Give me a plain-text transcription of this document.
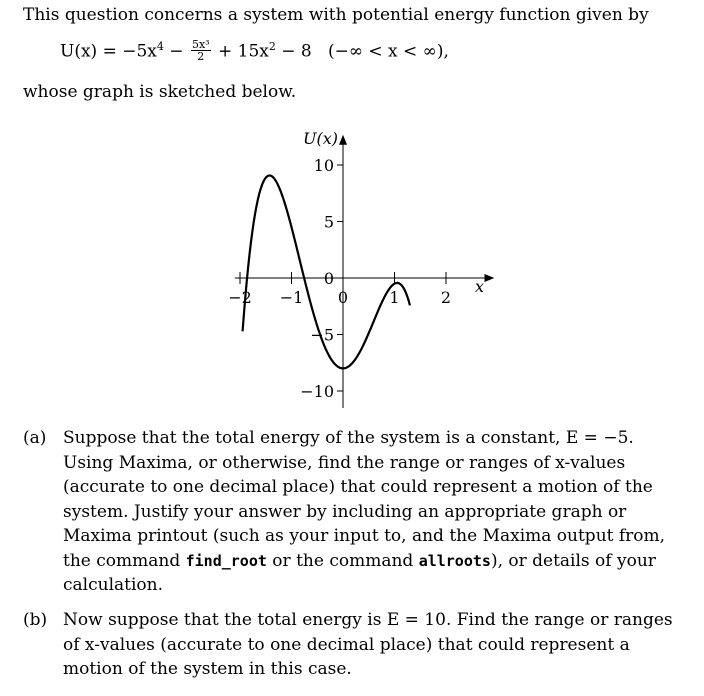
This question concerns a system with potential energy function given by
$U(x) = -5x^4 - \frac{\text{5x³}}{2} + 15x^2 - 8$ (−∞ < x < ∞),
whose graph is sketched below.
−2 −1 0	1	2
−10
−5
5
10
0
U(x)
x
(a) Suppose that the total energy of the system is a constant, E = −5.
Using Maxima, or otherwise, find the range or ranges of x-values
(accurate to one decimal place) that could represent a motion of the
system. Justify your answer by including an appropriate graph or
Maxima printout (such as your input to, and the Maxima output from,
the command find_root or the command allroots), or details of your
calculation.
(b) Now suppose that the total energy is E = 10. Find the range or ranges
of x-values (accurate to one decimal place) that could represent a
motion of the system in this case.
